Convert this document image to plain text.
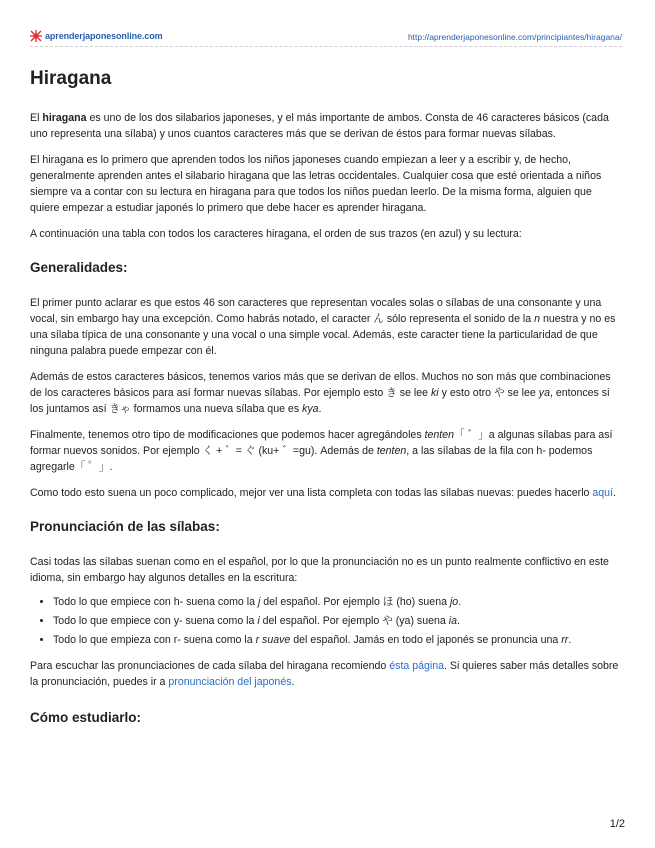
aprenderjaponesonline.com	http://aprenderjaponesonline.com/principiantes/hiragana/
Hiragana

El hiragana es uno de los dos silabarios japoneses, y el más importante de ambos. Consta de 46 caracteres básicos (cada uno representa una sílaba) y unos cuantos caracteres más que se derivan de éstos para formar nuevas sílabas.

El hiragana es lo primero que aprenden todos los niños japoneses cuando empiezan a leer y a escribir y, de hecho, generalmente aprenden antes el silabario hiragana que las letras occidentales. Cualquier cosa que esté orientada a niños siempre va a contar con su lectura en hiragana para que todos los niños puedan leerlo. De la misma forma, alguien que quiere empezar a estudiar japonés lo primero que debe hacer es aprender hiragana.

A continuación una tabla con todos los caracteres hiragana, el orden de sus trazos (en azul) y su lectura:

Generalidades:

El primer punto aclarar es que estos 46 son caracteres que representan vocales solas o sílabas de una consonante y una vocal, sin embargo hay una excepción. Como habrás notado, el caracter ん sólo representa el sonido de la n nuestra y no es una sílaba típica de una consonante y una vocal o una simple vocal. Además, este caracter tiene la particularidad de que ninguna palabra puede empezar con él.

Además de estos caracteres básicos, tenemos varios más que se derivan de ellos. Muchos no son más que combinaciones de los caracteres básicos para así formar nuevas sílabas. Por ejemplo esto き se lee ki y esto otro や se lee ya, entonces si los juntamos así きゃ formamos una nueva sílaba que es kya.

Finalmente, tenemos otro tipo de modificaciones que podemos hacer agregándoles tenten「 ゛」a algunas sílabas para así formar nuevos sonidos. Por ejemplo く + ゛= ぐ (ku+ ゛=gu). Además de tenten, a las sílabas de la fila con h- podemos agregarle「 ゜」.

Como todo esto suena un poco complicado, mejor ver una lista completa con todas las sílabas nuevas: puedes hacerlo aquí.

Pronunciación de las sílabas:

Casi todas las sílabas suenan como en el español, por lo que la pronunciación no es un punto realmente conflictivo en este idioma, sin embargo hay algunos detalles en la escritura:

• Todo lo que empiece con h- suena como la j del español. Por ejemplo ほ (ho) suena jo.
• Todo lo que empiece con y- suena como la i del español. Por ejemplo や (ya) suena ia.
• Todo lo que empieza con r- suena como la r suave del español. Jamás en todo el japonés se pronuncia una rr.

Para escuchar las pronunciaciones de cada sílaba del hiragana recomiendo ésta página. Si quieres saber más detalles sobre la pronunciación, puedes ir a pronunciación del japonés.

Cómo estudiarlo:
1/2
